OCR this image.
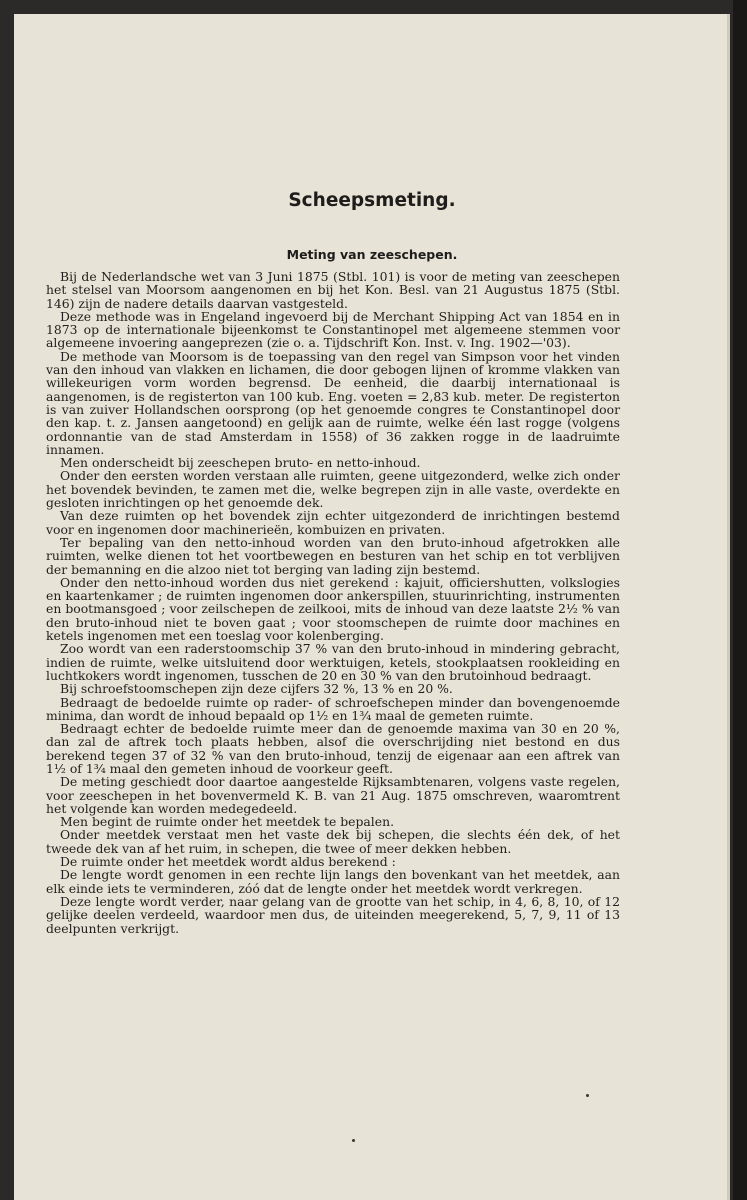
Scheepsmeting.
Meting van zeeschepen.

Bij de Nederlandsche wet van 3 Juni 1875 (Stbl. 101) is voor de meting van zeeschepen het stelsel van Moorsom aangenomen en bij het Kon. Besl. van 21 Augustus 1875 (Stbl. 146) zijn de nadere details daarvan vastgesteld.

Deze methode was in Engeland ingevoerd bij de Merchant Shipping Act van 1854 en in 1873 op de internationale bijeenkomst te Constantinopel met algemeene stemmen voor algemeene invoering aangeprezen (zie o. a. Tijdschrift Kon. Inst. v. Ing. 1902—'03).

De methode van Moorsom is de toepassing van den regel van Simpson voor het vinden van den inhoud van vlakken en lichamen, die door gebogen lijnen of kromme vlakken van willekeurigen vorm worden begrensd. De eenheid, die daarbij internationaal is aangenomen, is de registerton van 100 kub. Eng. voeten = 2,83 kub. meter. De registerton is van zuiver Hollandschen oorsprong (op het genoemde congres te Constantinopel door den kap. t. z. Jansen aangetoond) en gelijk aan de ruimte, welke één last rogge (volgens ordonnantie van de stad Amsterdam in 1558) of 36 zakken rogge in de laadruimte innamen.

Men onderscheidt bij zeeschepen bruto- en netto-inhoud.

Onder den eersten worden verstaan alle ruimten, geene uitgezonderd, welke zich onder het bovendek bevinden, te zamen met die, welke begrepen zijn in alle vaste, overdekte en gesloten inrichtingen op het genoemde dek.

Van deze ruimten op het bovendek zijn echter uitgezonderd de inrichtingen bestemd voor en ingenomen door machinerieën, kombuizen en privaten.

Ter bepaling van den netto-inhoud worden van den bruto-inhoud afgetrokken alle ruimten, welke dienen tot het voortbewegen en besturen van het schip en tot verblijven der bemanning en die alzoo niet tot berging van lading zijn bestemd.

Onder den netto-inhoud worden dus niet gerekend : kajuit, officiershutten, volkslogies en kaartenkamer ; de ruimten ingenomen door ankerspillen, stuurinrichting, instrumenten en bootmansgoed ; voor zeilschepen de zeilkooi, mits de inhoud van deze laatste 2½ % van den bruto-inhoud niet te boven gaat ; voor stoomschepen de ruimte door machines en ketels ingenomen met een toeslag voor kolenberging.

Zoo wordt van een raderstoomschip 37 % van den bruto-inhoud in mindering gebracht, indien de ruimte, welke uitsluitend door werktuigen, ketels, stookplaatsen rookleiding en luchtkokers wordt ingenomen, tusschen de 20 en 30 % van den brutoinhoud bedraagt.

Bij schroefstoomschepen zijn deze cijfers 32 %, 13 % en 20 %.

Bedraagt de bedoelde ruimte op rader- of schroefschepen minder dan bovengenoemde minima, dan wordt de inhoud bepaald op 1½ en 1¾ maal de gemeten ruimte.

Bedraagt echter de bedoelde ruimte meer dan de genoemde maxima van 30 en 20 %, dan zal de aftrek toch plaats hebben, alsof die overschrijding niet bestond en dus berekend tegen 37 of 32 % van den bruto-inhoud, tenzij de eigenaar aan een aftrek van 1½ of 1¾ maal den gemeten inhoud de voorkeur geeft.

De meting geschiedt door daartoe aangestelde Rijksambtenaren, volgens vaste regelen, voor zeeschepen in het bovenvermeld K. B. van 21 Aug. 1875 omschreven, waaromtrent het volgende kan worden medegedeeld.

Men begint de ruimte onder het meetdek te bepalen.

Onder meetdek verstaat men het vaste dek bij schepen, die slechts één dek, of het tweede dek van af het ruim, in schepen, die twee of meer dekken hebben.

De ruimte onder het meetdek wordt aldus berekend :

De lengte wordt genomen in een rechte lijn langs den bovenkant van het meetdek, aan elk einde iets te verminderen, zóó dat de lengte onder het meetdek wordt verkregen.

Deze lengte wordt verder, naar gelang van de grootte van het schip, in 4, 6, 8, 10, of 12 gelijke deelen verdeeld, waardoor men dus, de uiteinden meegerekend, 5, 7, 9, 11 of 13 deelpunten verkrijgt.
